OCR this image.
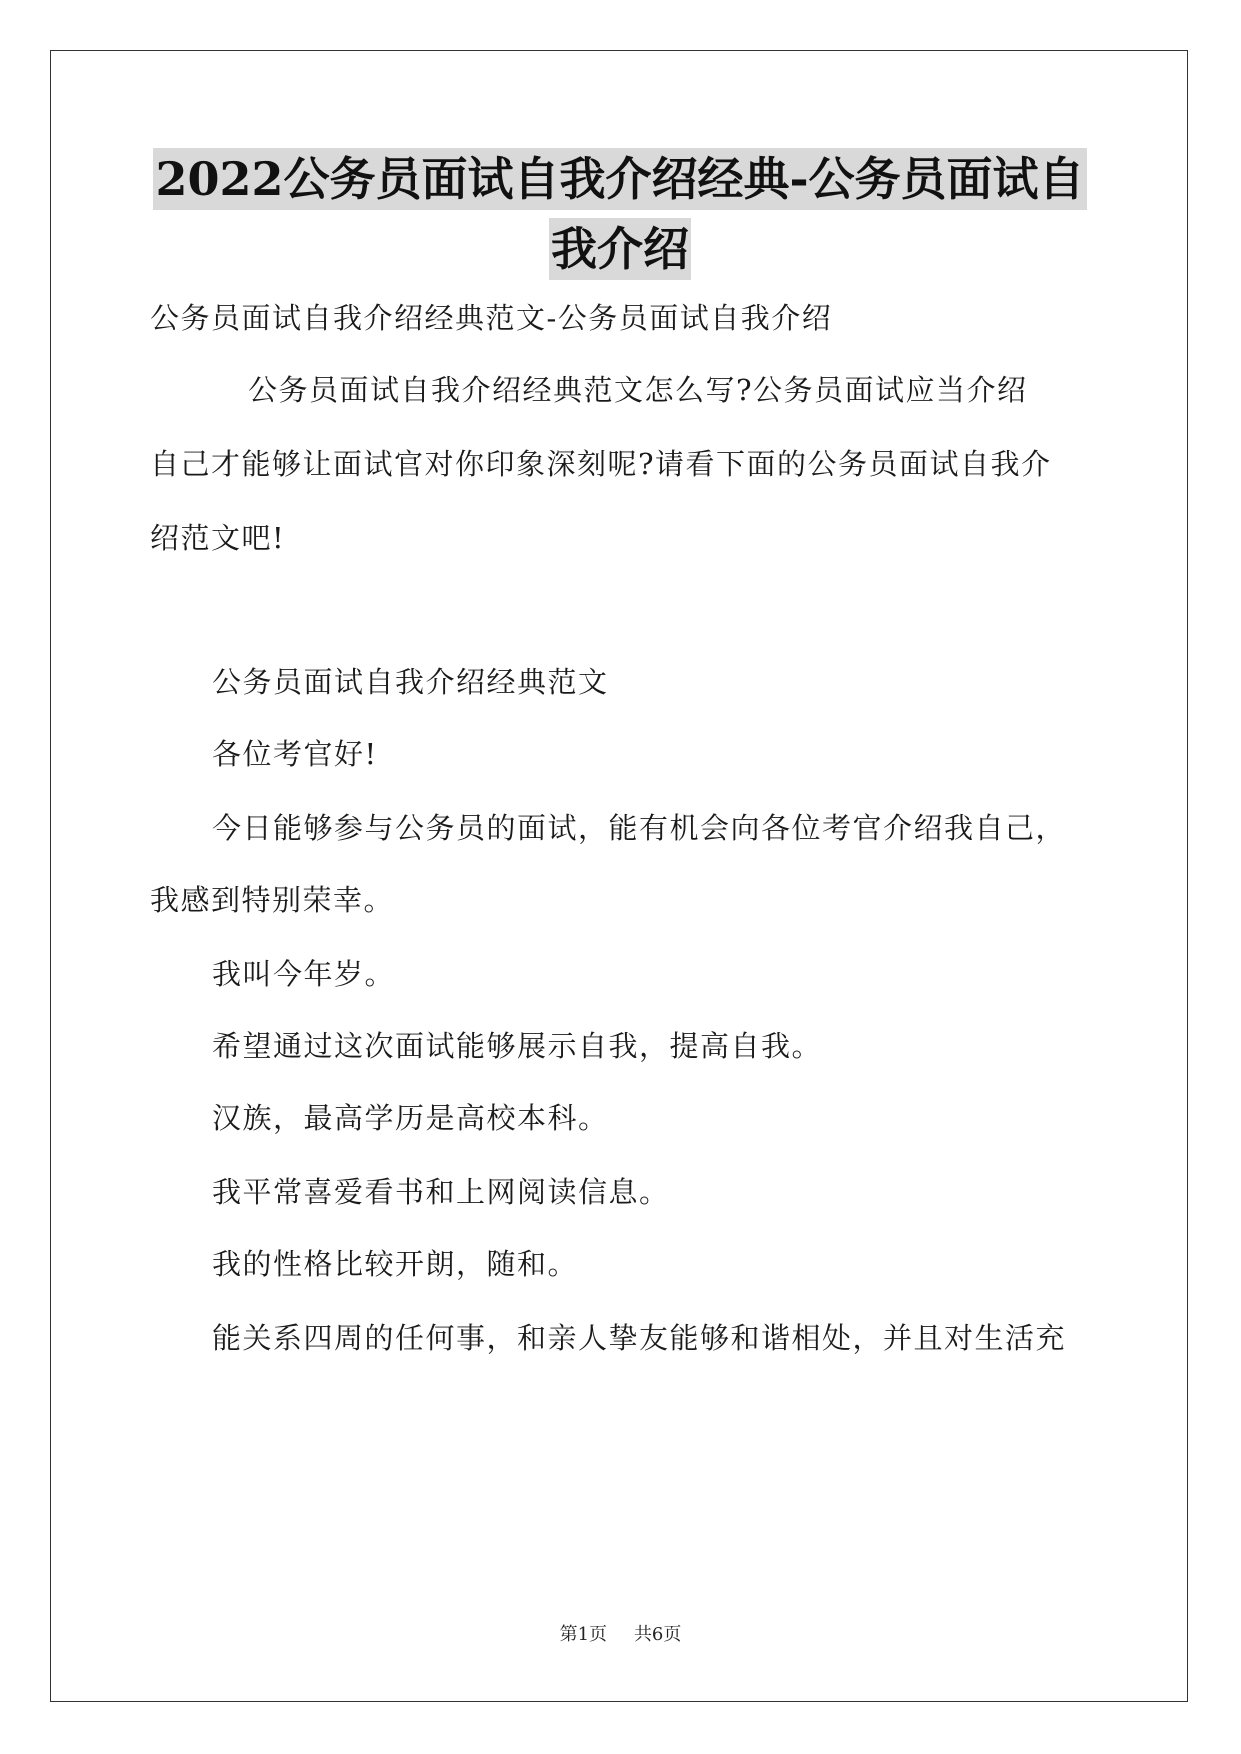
2022公务员面试自我介绍经典-公务员面试自
我介绍
公务员面试自我介绍经典范文-公务员面试自我介绍
公务员面试自我介绍经典范文怎么写?公务员面试应当介绍
自己才能够让面试官对你印象深刻呢?请看下面的公务员面试自我介
绍范文吧!
公务员面试自我介绍经典范文
各位考官好!
今日能够参与公务员的面试，能有机会向各位考官介绍我自己，
我感到特别荣幸。
我叫今年岁。
希望通过这次面试能够展示自我，提高自我。
汉族，最高学历是高校本科。
我平常喜爱看书和上网阅读信息。
我的性格比较开朗，随和。
能关系四周的任何事，和亲人挚友能够和谐相处，并且对生活充
第1页 共6页
